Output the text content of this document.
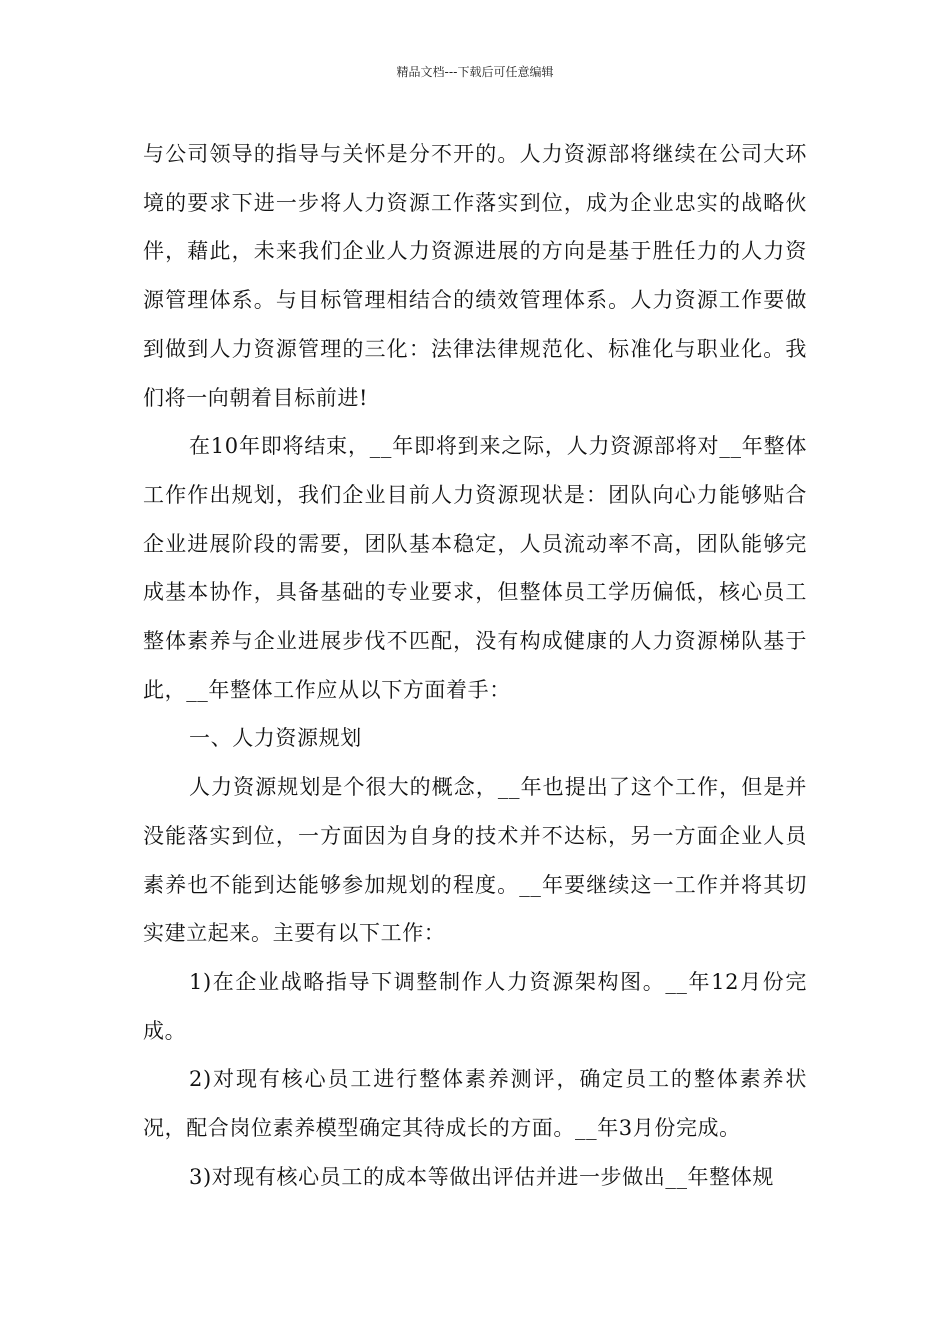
精品文档---下载后可任意编辑

与公司领导的指导与关怀是分不开的。人力资源部将继续在公司大环境的要求下进一步将人力资源工作落实到位，成为企业忠实的战略伙伴，藉此，未来我们企业人力资源进展的方向是基于胜任力的人力资源管理体系。与目标管理相结合的绩效管理体系。人力资源工作要做到做到人力资源管理的三化：法律法律规范化、标准化与职业化。我们将一向朝着目标前进!

在10年即将结束，__年即将到来之际，人力资源部将对__年整体工作作出规划，我们企业目前人力资源现状是：团队向心力能够贴合企业进展阶段的需要，团队基本稳定，人员流动率不高，团队能够完成基本协作，具备基础的专业要求，但整体员工学历偏低，核心员工整体素养与企业进展步伐不匹配，没有构成健康的人力资源梯队基于此，__年整体工作应从以下方面着手：

一、人力资源规划

人力资源规划是个很大的概念，__年也提出了这个工作，但是并没能落实到位，一方面因为自身的技术并不达标，另一方面企业人员素养也不能到达能够参加规划的程度。__年要继续这一工作并将其切实建立起来。主要有以下工作：

1)在企业战略指导下调整制作人力资源架构图。__年12月份完成。

2)对现有核心员工进行整体素养测评，确定员工的整体素养状况，配合岗位素养模型确定其待成长的方面。__年3月份完成。

3)对现有核心员工的成本等做出评估并进一步做出__年整体规
